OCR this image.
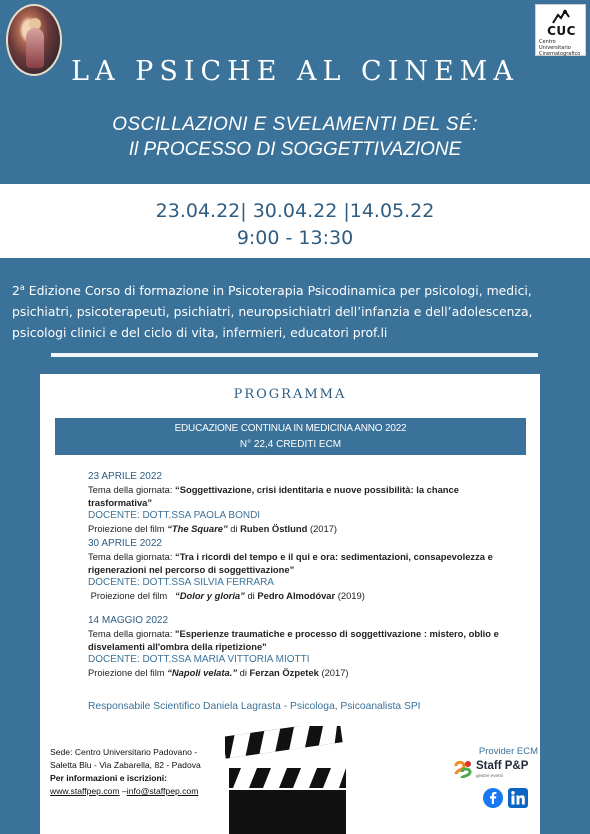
CUC
Centro Universitario Cinematografico
LA PSICHE AL CINEMA
OSCILLAZIONI E SVELAMENTI DEL SÉ:
Il PROCESSO DI SOGGETTIVAZIONE
23.04.22| 30.04.22 |14.05.22
9:00 - 13:30
2$^a$ Edizione Corso di formazione in Psicoterapia Psicodinamica per psicologi, medici, psichiatri, psicoterapeuti, psichiatri, neuropsichiatri dell’infanzia e dell’adolescenza, psicologi clinici e del ciclo di vita, infermieri, educatori prof.li
PROGRAMMA
EDUCAZIONE CONTINUA IN MEDICINA ANNO 2022
N° 22,4 CREDITI ECM
23 APRILE 2022
Tema della giornata: “Soggettivazione, crisi identitaria e nuove possibilità: la chance trasformativa”
DOCENTE: DOTT.SSA PAOLA BONDI
Proiezione del film “The Square” di Ruben Östlund (2017)
30 APRILE 2022
Tema della giornata: “Tra i ricordi del tempo e il qui e ora: sedimentazioni, consapevolezza e rigenerazioni nel percorso di soggettivazione”
DOCENTE: DOTT.SSA SILVIA FERRARA
Proiezione del film   “Dolor y gloria” di Pedro Almodóvar (2019)
14 MAGGIO 2022
Tema della giornata: "Esperienze traumatiche e processo di soggettivazione : mistero, oblio e disvelamenti all'ombra della ripetizione"
DOCENTE: DOTT.SSA MARIA VITTORIA MIOTTI
Proiezione del film “Napoli velata.” di Ferzan Özpetek (2017)
Responsabile Scientifico Daniela Lagrasta - Psicologa, Psicoanalista SPI
Sede: Centro Universitario Padovano -
Saletta Blu - Via Zabarella, 82 - Padova
Per informazioni e iscrizioni:
www.staffpep.com –info@staffpep.com
Provider ECM
Staff P&P
gestire eventi
